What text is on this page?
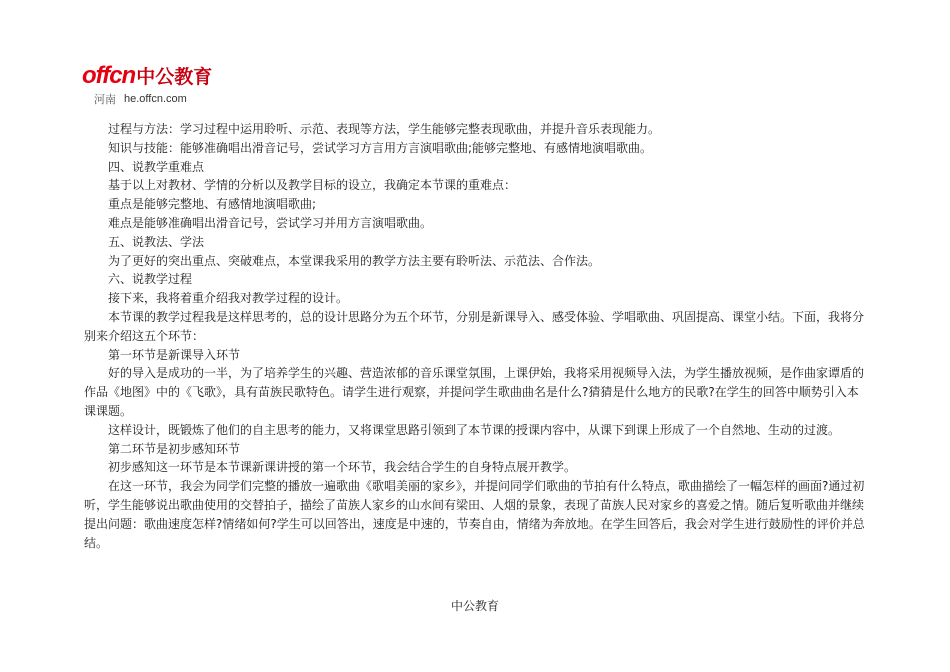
offcn 中公教育
河南 he.offcn.com

过程与方法：学习过程中运用聆听、示范、表现等方法，学生能够完整表现歌曲，并提升音乐表现能力。

知识与技能：能够准确唱出滑音记号，尝试学习方言用方言演唱歌曲;能够完整地、有感情地演唱歌曲。

四、说教学重难点

基于以上对教材、学情的分析以及教学目标的设立，我确定本节课的重难点：

重点是能够完整地、有感情地演唱歌曲;

难点是能够准确唱出滑音记号，尝试学习并用方言演唱歌曲。

五、说教法、学法

为了更好的突出重点、突破难点，本堂课我采用的教学方法主要有聆听法、示范法、合作法。

六、说教学过程

接下来，我将着重介绍我对教学过程的设计。

本节课的教学过程我是这样思考的，总的设计思路分为五个环节，分别是新课导入、感受体验、学唱歌曲、巩固提高、课堂小结。下面，我将分别来介绍这五个环节：

第一环节是新课导入环节

好的导入是成功的一半，为了培养学生的兴趣、营造浓郁的音乐课堂氛围，上课伊始，我将采用视频导入法，为学生播放视频，是作曲家谭盾的作品《地图》中的《飞歌》，具有苗族民歌特色。请学生进行观察，并提问学生歌曲曲名是什么?猜猜是什么地方的民歌?在学生的回答中顺势引入本课课题。

这样设计，既锻炼了他们的自主思考的能力，又将课堂思路引领到了本节课的授课内容中，从课下到课上形成了一个自然地、生动的过渡。

第二环节是初步感知环节

初步感知这一环节是本节课新课讲授的第一个环节，我会结合学生的自身特点展开教学。

在这一环节，我会为同学们完整的播放一遍歌曲《歌唱美丽的家乡》，并提问同学们歌曲的节拍有什么特点，歌曲描绘了一幅怎样的画面?通过初听，学生能够说出歌曲使用的交替拍子，描绘了苗族人家乡的山水间有梁田、人烟的景象，表现了苗族人民对家乡的喜爱之情。随后复听歌曲并继续提出问题：歌曲速度怎样?情绪如何?学生可以回答出，速度是中速的，节奏自由，情绪为奔放地。在学生回答后，我会对学生进行鼓励性的评价并总结。

中公教育
